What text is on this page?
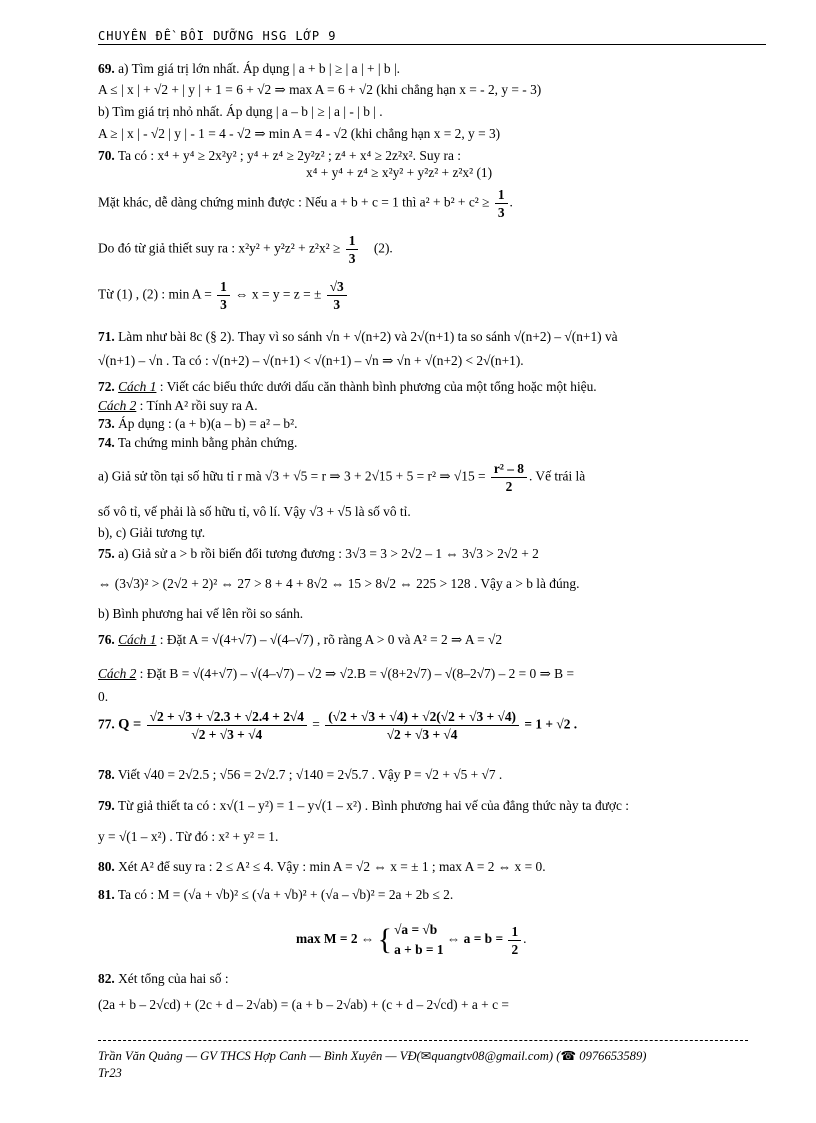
CHUYÊN ĐỀ BỒI DƯỠNG HSG LỚP 9
69. a) Tìm giá trị lớn nhất. Áp dụng | a + b | ≥ | a | + | b |.
A ≤ | x | + √2 + | y | + 1 = 6 + √2 ⇒ max A = 6 + √2 (khi chẳng hạn x = - 2, y = - 3)
b) Tìm giá trị nhỏ nhất. Áp dụng | a – b | ≥ | a | - | b | .
A ≥ | x | - √2 | y | - 1 = 4 - √2 ⇒ min A = 4 - √2 (khi chẳng hạn x = 2, y = 3)
70. Ta có : x⁴ + y⁴ ≥ 2x²y² ; y⁴ + z⁴ ≥ 2y²z² ; z⁴ + x⁴ ≥ 2z²x². Suy ra :
x⁴ + y⁴ + z⁴ ≥ x²y² + y²z² + z²x² (1)
Mặt khác, dễ dàng chứng minh được : Nếu a + b + c = 1 thì $a^2 + b^2 + c^2 \ge \frac{1}{3}$ .
Do đó từ giả thiết suy ra : $x^2y^2 + y^2z^2 + z^2x^2 \ge \frac{1}{3} (2)$.
Từ (1) , (2) : $\min A = \frac{1}{3}$ ⇔ x = y = z = ± $\frac{√3}{3}$
71. Làm như bài 8c (§ 2). Thay vì so sánh √n + √(n+2) và 2√(n+1) ta so sánh √(n+2) – √(n+1) và
√(n+1) – √n . Ta có : √(n+2) – √(n+1) < √(n+1) – √n ⇒ √n + √(n+2) < 2√(n+1).
72. Cách 1 : Viết các biểu thức dưới dấu căn thành bình phương của một tổng hoặc một hiệu.
Cách 2 : Tính A² rồi suy ra A.
73. Áp dụng : (a + b)(a – b) = a² – b².
74. Ta chứng minh bằng phản chứng.
a) Giả sử tồn tại số hữu tỉ r mà √3 + √5 = r ⇒ 3 + 2√15 + 5 = r² ⇒ $√15 = \frac{\text{r² – 8}}{2}$ . Vế trái là
số vô tỉ, vế phải là số hữu tỉ, vô lí. Vậy √3 + √5 là số vô tỉ.
b), c) Giải tương tự.
75. a) Giả sử a > b rồi biến đổi tương đương : 3√3 = 3 > 2√2 – 1 ⇔ 3√3 > 2√2 + 2
⇔ (3√3)² > (2√2 + 2)² ⇔ 27 > 8 + 4 + 8√2 ⇔ 15 > 8√2 ⇔ 225 > 128 . Vậy a > b là đúng.
b) Bình phương hai vế lên rồi so sánh.
76. Cách 1 : Đặt A = √(4+√7) – √(4–√7) , rõ ràng A > 0 và A² = 2 ⇒ A = √2
Cách 2 : Đặt B = √(4+√7) – √(4–√7) – √2 ⇒ √2.B = √(8+2√7) – √(8–2√7) – 2 = 0 ⇒ B =
0.
77. $Q = \frac{√2 + √3 + √2.3 + √2.4 + 2√4}{√2 + √3 + √4} = \frac{(√2 + √3 + √4) + √2(√2 + √3 + √4)}{√2 + √3 + √4} = 1 + √2$ .
78. Viết √40 = 2√2.5 ; √56 = 2√2.7 ; √140 = 2√5.7 . Vậy P = √2 + √5 + √7 .
79. Từ giả thiết ta có : x√(1 – y²) = 1 – y√(1 – x²) . Bình phương hai vế của đẳng thức này ta được :
y = √(1 – x²) . Từ đó : x² + y² = 1.
80. Xét A² để suy ra : 2 ≤ A² ≤ 4. Vậy : min A = √2 ⇔ x = ± 1 ; max A = 2 ⇔ x = 0.
81. Ta có : M = (√a + √b)² ≤ (√a + √b)² + (√a – √b)² = 2a + 2b ≤ 2.
max M = 2 ⇔ { √a = √b
a + b = 1
⇔ $a = b = \frac{1}{2}$ .
82. Xét tổng của hai số :
(2a + b – 2√cd) + (2c + d – 2√ab) = (a + b – 2√ab) + (c + d – 2√cd) + a + c =
Trần Văn Quảng — GV THCS Hợp Canh — Bình Xuyên — VĐ(✉quangtv08@gmail.com) (☎ 0976653589)
Tr23
